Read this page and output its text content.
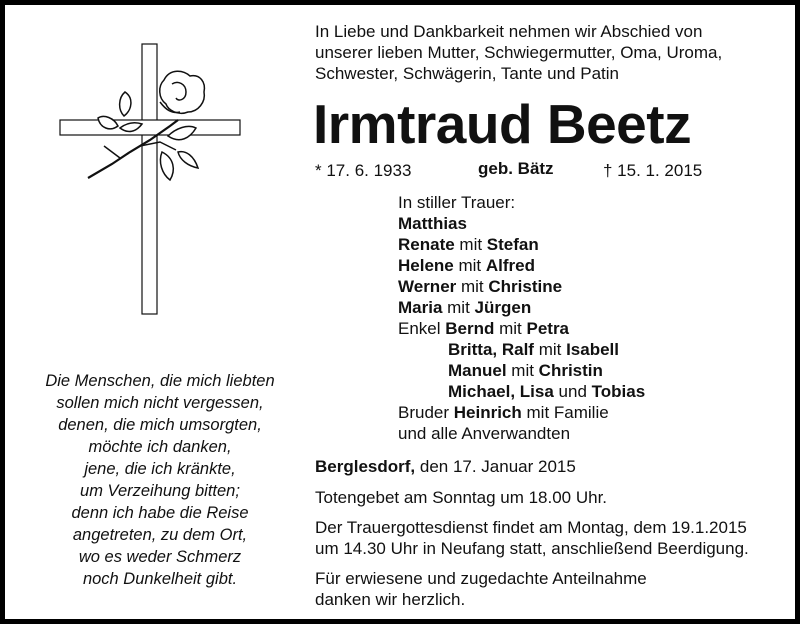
In Liebe und Dankbarkeit nehmen wir Abschied von
unserer lieben Mutter, Schwiegermutter, Oma, Uroma,
Schwester, Schwägerin, Tante und Patin
Irmtraud Beetz
* 17. 6. 1933	geb. Bätz	† 15. 1. 2015
In stiller Trauer:
Matthias
Renate mit Stefan
Helene mit Alfred
Werner mit Christine
Maria mit Jürgen
Enkel Bernd mit Petra
Britta, Ralf mit Isabell
Manuel mit Christin
Michael, Lisa und Tobias
Bruder Heinrich mit Familie
und alle Anverwandten
Berglesdorf, den 17. Januar 2015
Totengebet am Sonntag um 18.00 Uhr.
Der Trauergottesdienst findet am Montag, dem 19.1.2015
um 14.30 Uhr in Neufang statt, anschließend Beerdigung.
Für erwiesene und zugedachte Anteilnahme
danken wir herzlich.
Die Menschen, die mich liebten
sollen mich nicht vergessen,
denen, die mich umsorgten,
möchte ich danken,
jene, die ich kränkte,
um Verzeihung bitten;
denn ich habe die Reise
angetreten, zu dem Ort,
wo es weder Schmerz
noch Dunkelheit gibt.
